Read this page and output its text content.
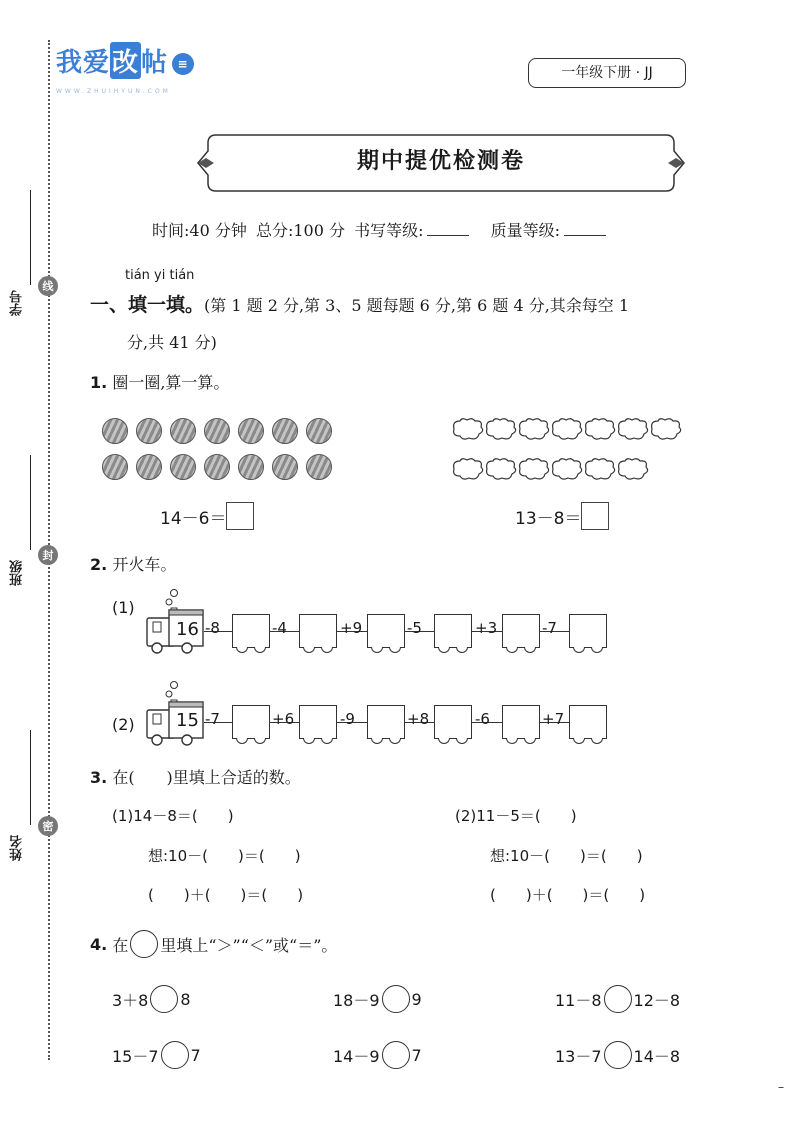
学号
线
班级
封
姓名
密
我爱改帖 ≡
WWW.ZHUIHYUN.COM
一年级下册 · JJ
期中提优检测卷
时间:40 分钟 总分:100 分 书写等级:	质量等级:
tián yi tián
一、填一填。(第 1 题 2 分,第 3、5 题每题 6 分,第 6 题 4 分,其余每空 1
分,共 41 分)
1. 圈一圈,算一算。
14－6＝	13－8＝
2. 开火车。
(1)
16 -8	-4	+9	-5	+3	-7
(2) 15 -7	+6	-9	+8	-6	+7
3. 在(　　)里填上合适的数。
(1)14－8＝(　　)
想:10－(　　)＝(　　)
(　　)＋(　　)＝(　　)
(2)11－5＝(　　)
想:10－(　　)＝(　　)
(　　)＋(　　)＝(　　)
4.
在 里填上“＞”“＜”或“＝”。
3＋8 8	18－9 9	11－8 12－8
15－7 7	14－9 7	13－7 14－8
–
